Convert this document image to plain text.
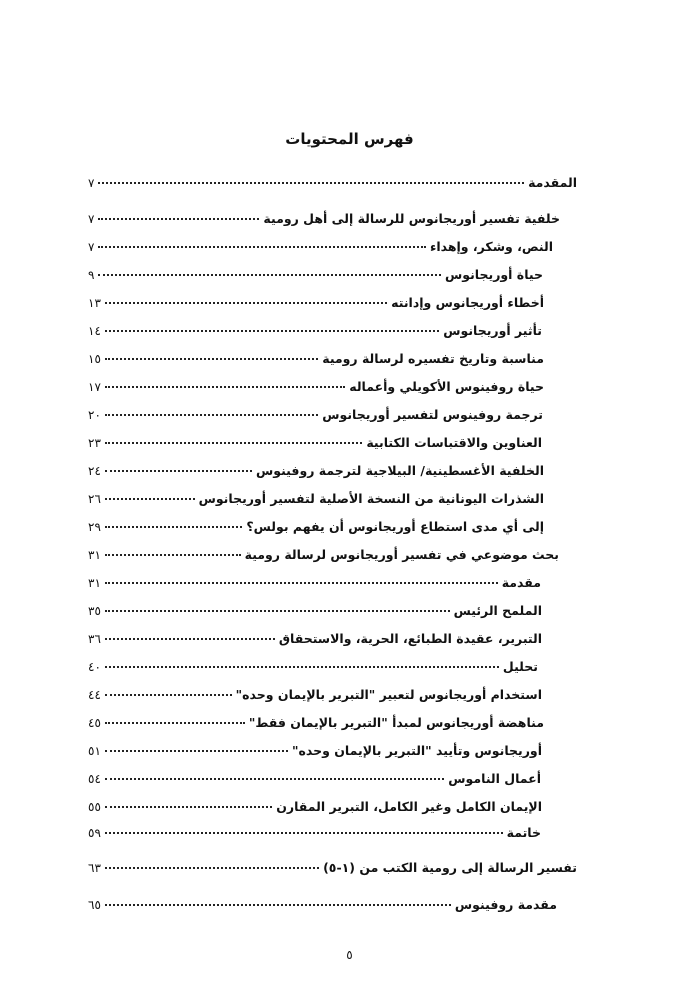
فهرس المحتويات
المقدمة
٧
خلفية تفسير أوريجانوس للرسالة إلى أهل رومية
٧
النص، وشكر، وإهداء
٧
حياة أوريجانوس
٩
أخطاء أوريجانوس وإدانته
١٣
تأثير أوريجانوس
١٤
مناسبة وتاريخ تفسيره لرسالة رومية
١٥
حياة روفينوس الأكويلي وأعماله
١٧
ترجمة روفينوس لتفسير أوريجانوس
٢٠
العناوين والاقتباسات الكتابية
٢٣
الخلفية الأغسطينية/ البيلاجية لترجمة روفينوس
٢٤
الشذرات اليونانية من النسخة الأصلية لتفسير أوريجانوس
٢٦
إلى أي مدى استطاع أوريجانوس أن يفهم بولس؟
٢٩
بحث موضوعي في تفسير أوريجانوس لرسالة رومية
٣١
مقدمة
٣١
الملمح الرئيس
٣٥
التبرير، عقيدة الطبائع، الحرية، والاستحقاق
٣٦
تحليل
٤٠
استخدام أوريجانوس لتعبير "التبرير بالإيمان وحده"
٤٤
مناهضة أوريجانوس لمبدأ "التبرير بالإيمان فقط"
٤٥
أوريجانوس وتأييد "التبرير بالإيمان وحده"
٥١
أعمال الناموس
٥٤
الإيمان الكامل وغير الكامل، التبرير المقارن
٥٥
خاتمة
٥٩
تفسير الرسالة إلى رومية الكتب من (١-٥)
٦٣
مقدمة روفينوس
٦٥
٥
